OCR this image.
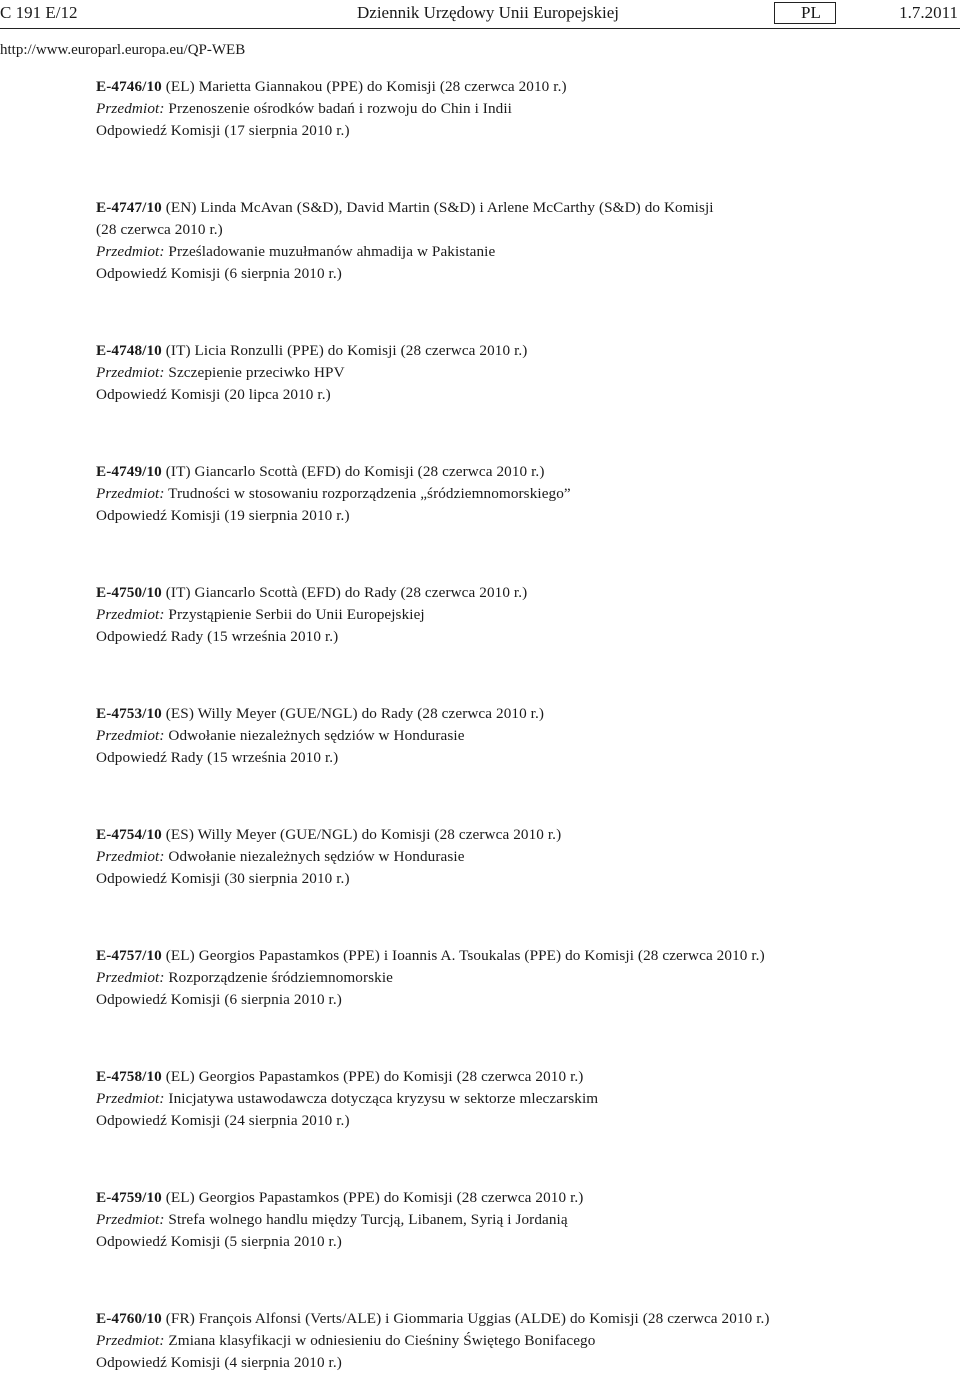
C 191 E/12	Dziennik Urzędowy Unii Europejskiej	PL	1.7.2011
http://www.europarl.europa.eu/QP-WEB
E-4746/10 (EL) Marietta Giannakou (PPE) do Komisji (28 czerwca 2010 r.)
Przedmiot: Przenoszenie ośrodków badań i rozwoju do Chin i Indii
Odpowiedź Komisji (17 sierpnia 2010 r.)
E-4747/10 (EN) Linda McAvan (S&D), David Martin (S&D) i Arlene McCarthy (S&D) do Komisji
(28 czerwca 2010 r.)
Przedmiot: Prześladowanie muzułmanów ahmadija w Pakistanie
Odpowiedź Komisji (6 sierpnia 2010 r.)
E-4748/10 (IT) Licia Ronzulli (PPE) do Komisji (28 czerwca 2010 r.)
Przedmiot: Szczepienie przeciwko HPV
Odpowiedź Komisji (20 lipca 2010 r.)
E-4749/10 (IT) Giancarlo Scottà (EFD) do Komisji (28 czerwca 2010 r.)
Przedmiot: Trudności w stosowaniu rozporządzenia „śródziemnomorskiego”
Odpowiedź Komisji (19 sierpnia 2010 r.)
E-4750/10 (IT) Giancarlo Scottà (EFD) do Rady (28 czerwca 2010 r.)
Przedmiot: Przystąpienie Serbii do Unii Europejskiej
Odpowiedź Rady (15 września 2010 r.)
E-4753/10 (ES) Willy Meyer (GUE/NGL) do Rady (28 czerwca 2010 r.)
Przedmiot: Odwołanie niezależnych sędziów w Hondurasie
Odpowiedź Rady (15 września 2010 r.)
E-4754/10 (ES) Willy Meyer (GUE/NGL) do Komisji (28 czerwca 2010 r.)
Przedmiot: Odwołanie niezależnych sędziów w Hondurasie
Odpowiedź Komisji (30 sierpnia 2010 r.)
E-4757/10 (EL) Georgios Papastamkos (PPE) i Ioannis A. Tsoukalas (PPE) do Komisji (28 czerwca 2010 r.)
Przedmiot: Rozporządzenie śródziemnomorskie
Odpowiedź Komisji (6 sierpnia 2010 r.)
E-4758/10 (EL) Georgios Papastamkos (PPE) do Komisji (28 czerwca 2010 r.)
Przedmiot: Inicjatywa ustawodawcza dotycząca kryzysu w sektorze mleczarskim
Odpowiedź Komisji (24 sierpnia 2010 r.)
E-4759/10 (EL) Georgios Papastamkos (PPE) do Komisji (28 czerwca 2010 r.)
Przedmiot: Strefa wolnego handlu między Turcją, Libanem, Syrią i Jordanią
Odpowiedź Komisji (5 sierpnia 2010 r.)
E-4760/10 (FR) François Alfonsi (Verts/ALE) i Giommaria Uggias (ALDE) do Komisji (28 czerwca 2010 r.)
Przedmiot: Zmiana klasyfikacji w odniesieniu do Cieśniny Świętego Bonifacego
Odpowiedź Komisji (4 sierpnia 2010 r.)
